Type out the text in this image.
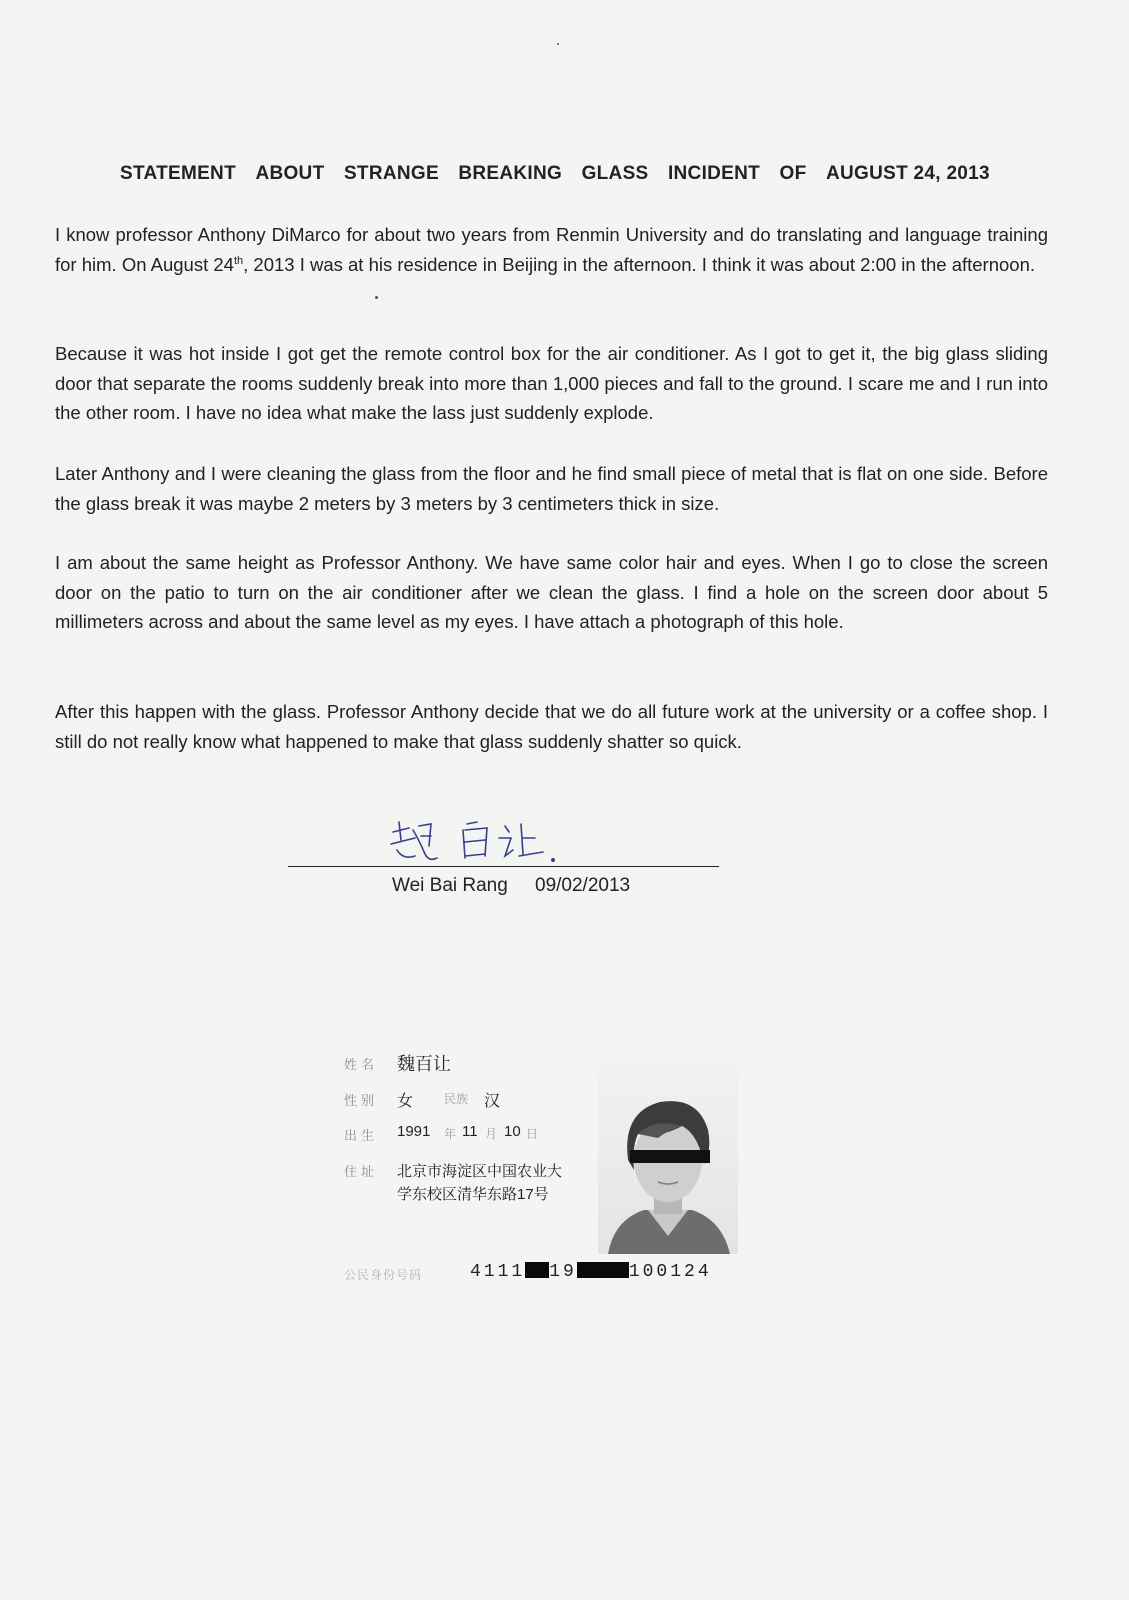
STATEMENT ABOUT STRANGE BREAKING GLASS INCIDENT OF AUGUST 24, 2013

I know professor Anthony DiMarco for about two years from Renmin University and do translating and language training for him. On August 24th, 2013 I was at his residence in Beijing in the afternoon. I think it was about 2:00 in the afternoon.

Because it was hot inside I got get the remote control box for the air conditioner. As I got to get it, the big glass sliding door that separate the rooms suddenly break into more than 1,000 pieces and fall to the ground. I scare me and I run into the other room. I have no idea what make the lass just suddenly explode.

Later Anthony and I were cleaning the glass from the floor and he find small piece of metal that is flat on one side. Before the glass break it was maybe 2 meters by 3 meters by 3 centimeters thick in size.

I am about the same height as Professor Anthony. We have same color hair and eyes. When I go to close the screen door on the patio to turn on the air conditioner after we clean the glass. I find a hole on the screen door about 5 millimeters across and about the same level as my eyes. I have attach a photograph of this hole.

After this happen with the glass. Professor Anthony decide that we do all future work at the university or a coffee shop. I still do not really know what happened to make that glass suddenly shatter so quick.

Wei Bai Rang 09/02/2013
姓名 魏百让
性别 女	民族 汉
出生 1991 年 11 月 10 日
住址 北京市海淀区中国农业大
学东校区清华东路17号
公民身份号码	4111 19	100124
